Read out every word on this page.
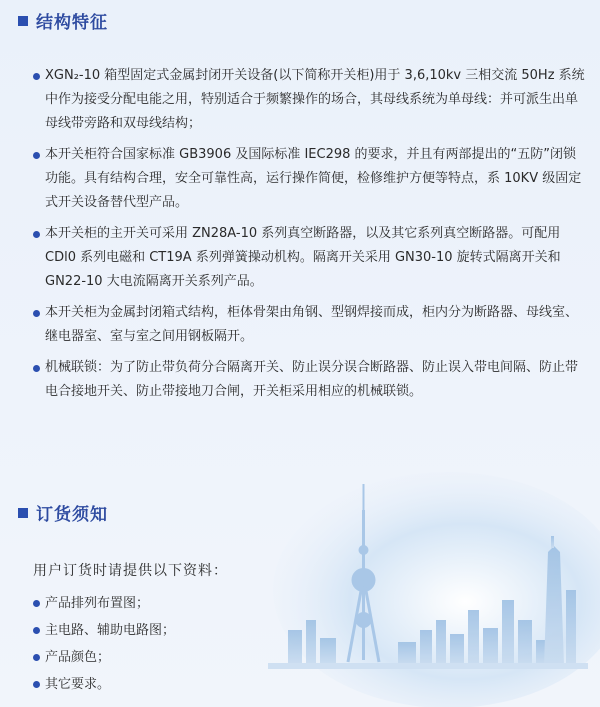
结构特征
XGN₂-10 箱型固定式金属封闭开关设备(以下简称开关柜)用于 3,6,10kv 三相交流 50Hz 系统中作为接受分配电能之用，特别适合于频繁操作的场合，其母线系统为单母线：并可派生出单母线带旁路和双母线结构；
本开关柜符合国家标准 GB3906 及国际标准 IEC298 的要求，并且有两部提出的“五防”闭锁功能。具有结构合理，安全可靠性高，运行操作简便，检修维护方便等特点，系 10KV 级固定式开关设备替代型产品。
本开关柜的主开关可采用 ZN28A-10 系列真空断路器，以及其它系列真空断路器。可配用 CDl0 系列电磁和 CT19A 系列弹簧操动机构。隔离开关采用 GN30-10 旋转式隔离开关和 GN22-10 大电流隔离开关系列产品。
本开关柜为金属封闭箱式结构，柜体骨架由角钢、型钢焊接而成，柜内分为断路器、母线室、继电器室、室与室之间用钢板隔开。
机械联锁：为了防止带负荷分合隔离开关、防止误分误合断路器、防止误入带电间隔、防止带电合接地开关、防止带接地刀合闸，开关柜采用相应的机械联锁。
订货须知
用户订货时请提供以下资料：
产品排列布置图；
主电路、辅助电路图；
产品颜色；
其它要求。
